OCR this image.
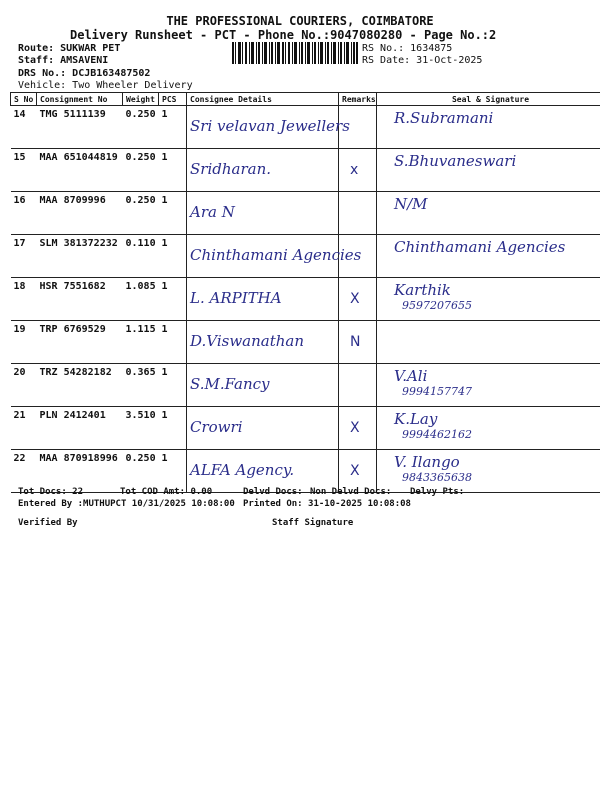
THE PROFESSIONAL COURIERS, COIMBATORE
Delivery Runsheet - PCT - Phone No.:9047080280 - Page No.:2
Route: SUKWAR PET
Staff: AMSAVENI
DRS No.: DCJB163487502
Vehicle: Two Wheeler Delivery
RS No.: 1634875
RS Date: 31-Oct-2025
S No	Consignment No	Weight	PCS	Consignee Details	Remarks	Seal & Signature
14	TMG 5111139	0.250	1	Sri velavan Jewellers		R.Subramani

15	MAA 651044819	0.250	1	Sridharan.	x	S.Bhuvaneswari

16	MAA 8709996	0.250	1	Ara N		N/M

17	SLM 381372232	0.110	1	Chinthamani Agencies		Chinthamani Agencies

18	HSR 7551682	1.085	1	L. ARPITHA	X	Karthik
9597207655

19	TRP 6769529	1.115	1	D.Viswanathan	N	

20	TRZ 54282182	0.365	1	S.M.Fancy		V.Ali
9994157747

21	PLN 2412401	3.510	1	Crowri	X	K.Lay
9994462162

22	MAA 870918996	0.250	1	ALFA Agency.	X	V. Ilango
9843365638
Tot Docs: 22	Tot COD Amt: 0.00	Delvd Docs: Non Delvd Docs: Delvy Pts:
Entered By :MUTHUPCT 10/31/2025 10:08:00 Printed On: 31-10-2025 10:08:08
Verified By	Staff Signature
